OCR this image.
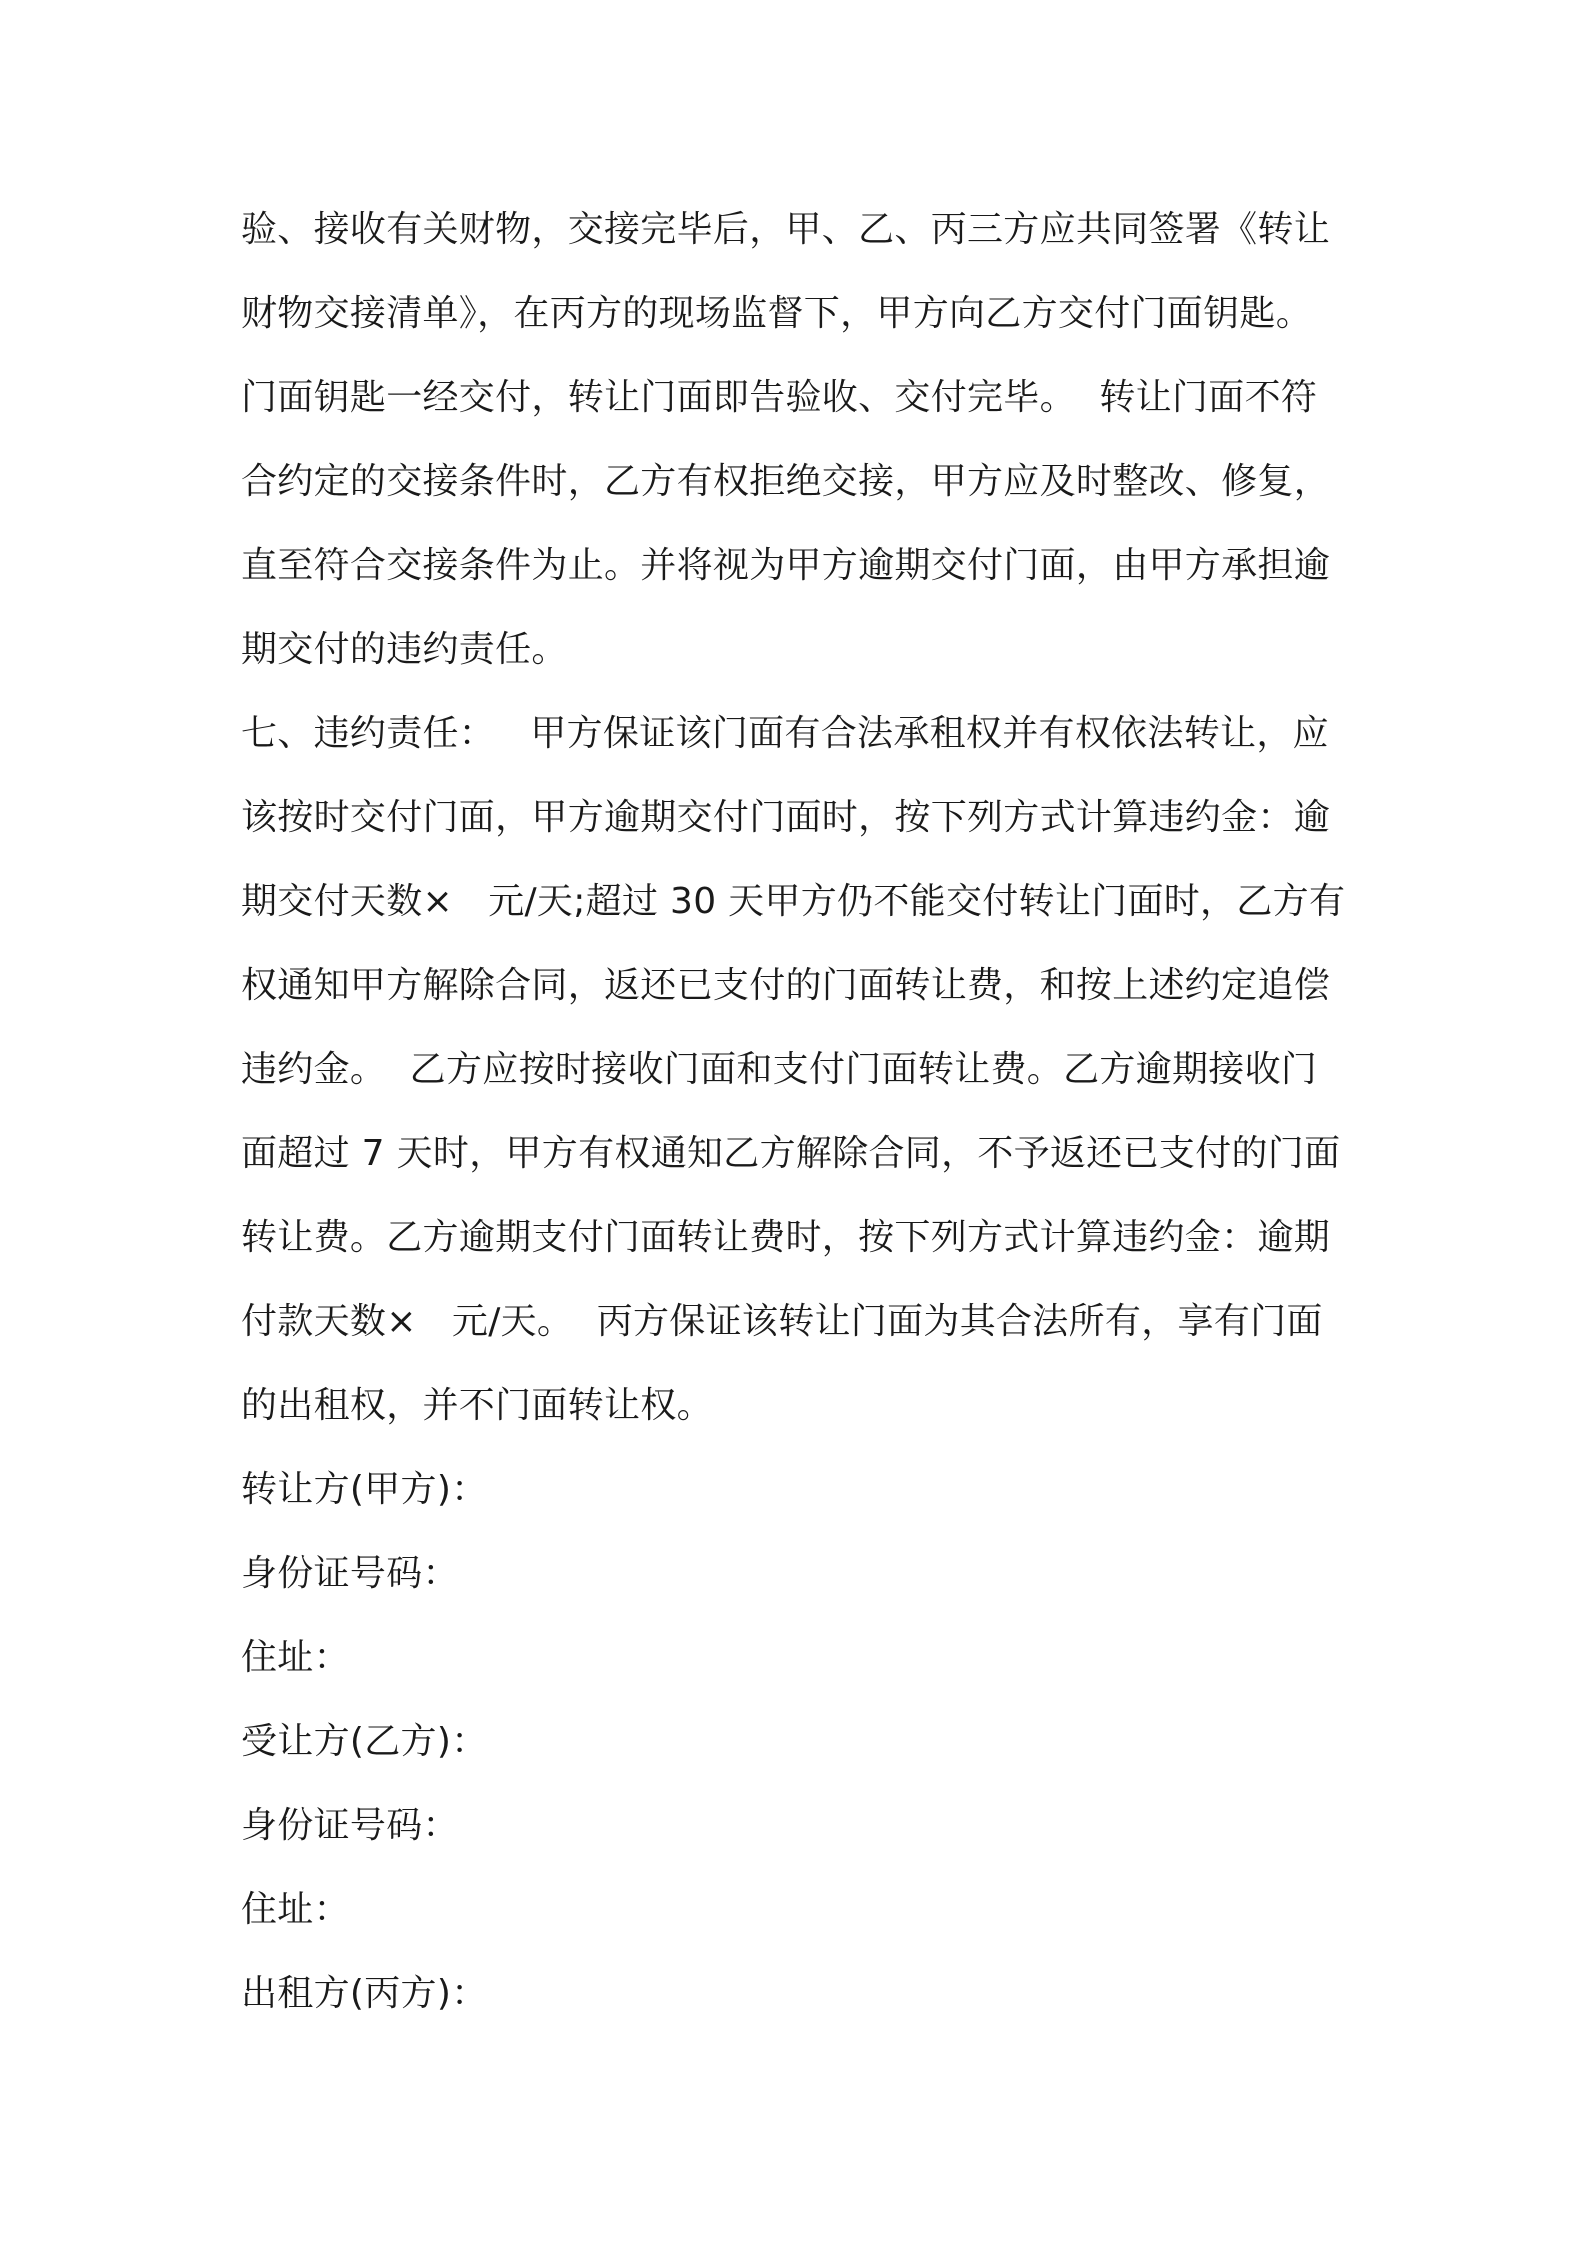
验、接收有关财物，交接完毕后，甲、乙、丙三方应共同签署《转让
财物交接清单》，在丙方的现场监督下，甲方向乙方交付门面钥匙。
门面钥匙一经交付，转让门面即告验收、交付完毕。  转让门面不符
合约定的交接条件时，乙方有权拒绝交接，甲方应及时整改、修复，
直至符合交接条件为止。并将视为甲方逾期交付门面，由甲方承担逾
期交付的违约责任。
七、违约责任：   甲方保证该门面有合法承租权并有权依法转让，应
该按时交付门面，甲方逾期交付门面时，按下列方式计算违约金：逾
期交付天数×   元/天;超过 30 天甲方仍不能交付转让门面时，乙方有
权通知甲方解除合同，返还已支付的门面转让费，和按上述约定追偿
违约金。  乙方应按时接收门面和支付门面转让费。乙方逾期接收门
面超过 7 天时，甲方有权通知乙方解除合同，不予返还已支付的门面
转让费。乙方逾期支付门面转让费时，按下列方式计算违约金：逾期
付款天数×   元/天。  丙方保证该转让门面为其合法所有，享有门面
的出租权，并不门面转让权。
转让方(甲方)：
身份证号码：
住址：
受让方(乙方)：
身份证号码：
住址：
出租方(丙方)：
